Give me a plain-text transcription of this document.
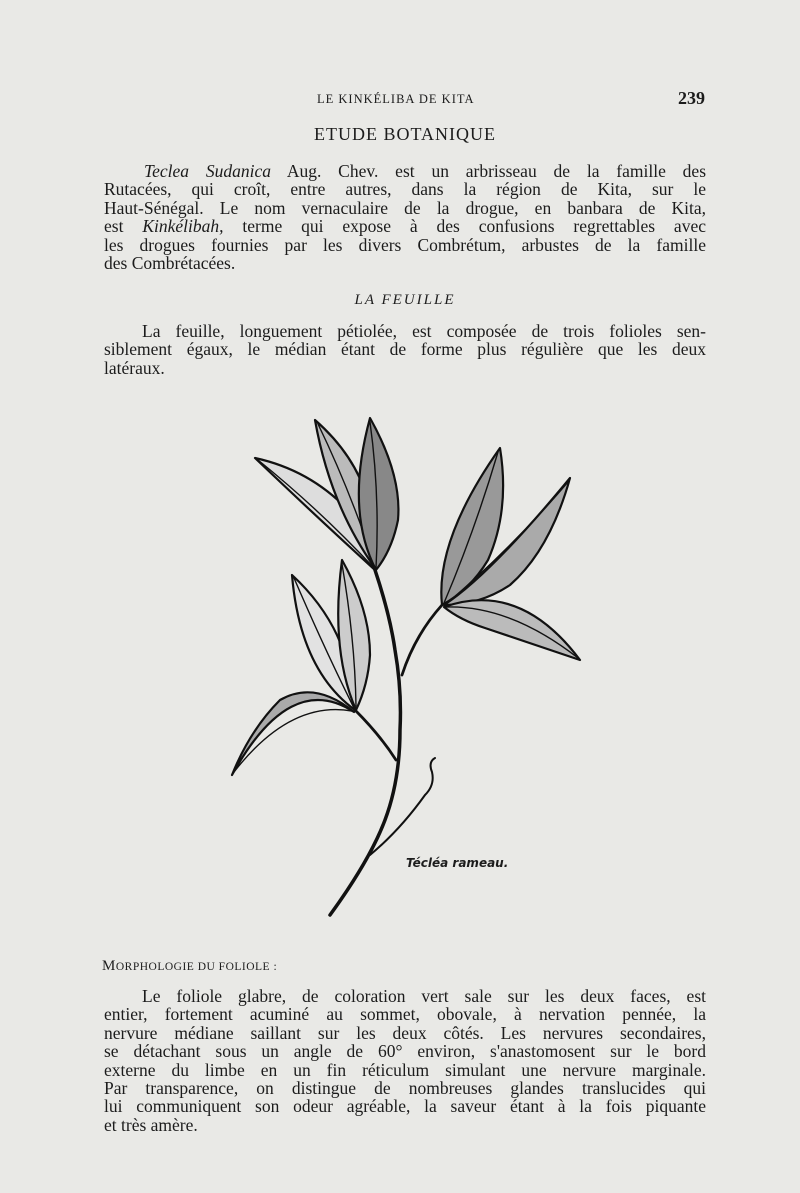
LE KINKÉLIBA DE KITA	239
ETUDE BOTANIQUE
Teclea Sudanica Aug. Chev. est un arbrisseau de la famille des
Rutacées, qui croît, entre autres, dans la région de Kita, sur le
Haut-Sénégal. Le nom vernaculaire de la drogue, en banbara de Kita,
est Kinkélibah, terme qui expose à des confusions regrettables avec
les drogues fournies par les divers Combrétum, arbustes de la famille
des Combrétacées.
LA FEUILLE
La feuille, longuement pétiolée, est composée de trois folioles sen-
siblement égaux, le médian étant de forme plus régulière que les deux
latéraux.
Técléa rameau.
MORPHOLOGIE DU FOLIOLE :
Le foliole glabre, de coloration vert sale sur les deux faces, est
entier, fortement acuminé au sommet, obovale, à nervation pennée, la
nervure médiane saillant sur les deux côtés. Les nervures secondaires,
se détachant sous un angle de 60° environ, s'anastomosent sur le bord
externe du limbe en un fin réticulum simulant une nervure marginale.
Par transparence, on distingue de nombreuses glandes translucides qui
lui communiquent son odeur agréable, la saveur étant à la fois piquante
et très amère.
